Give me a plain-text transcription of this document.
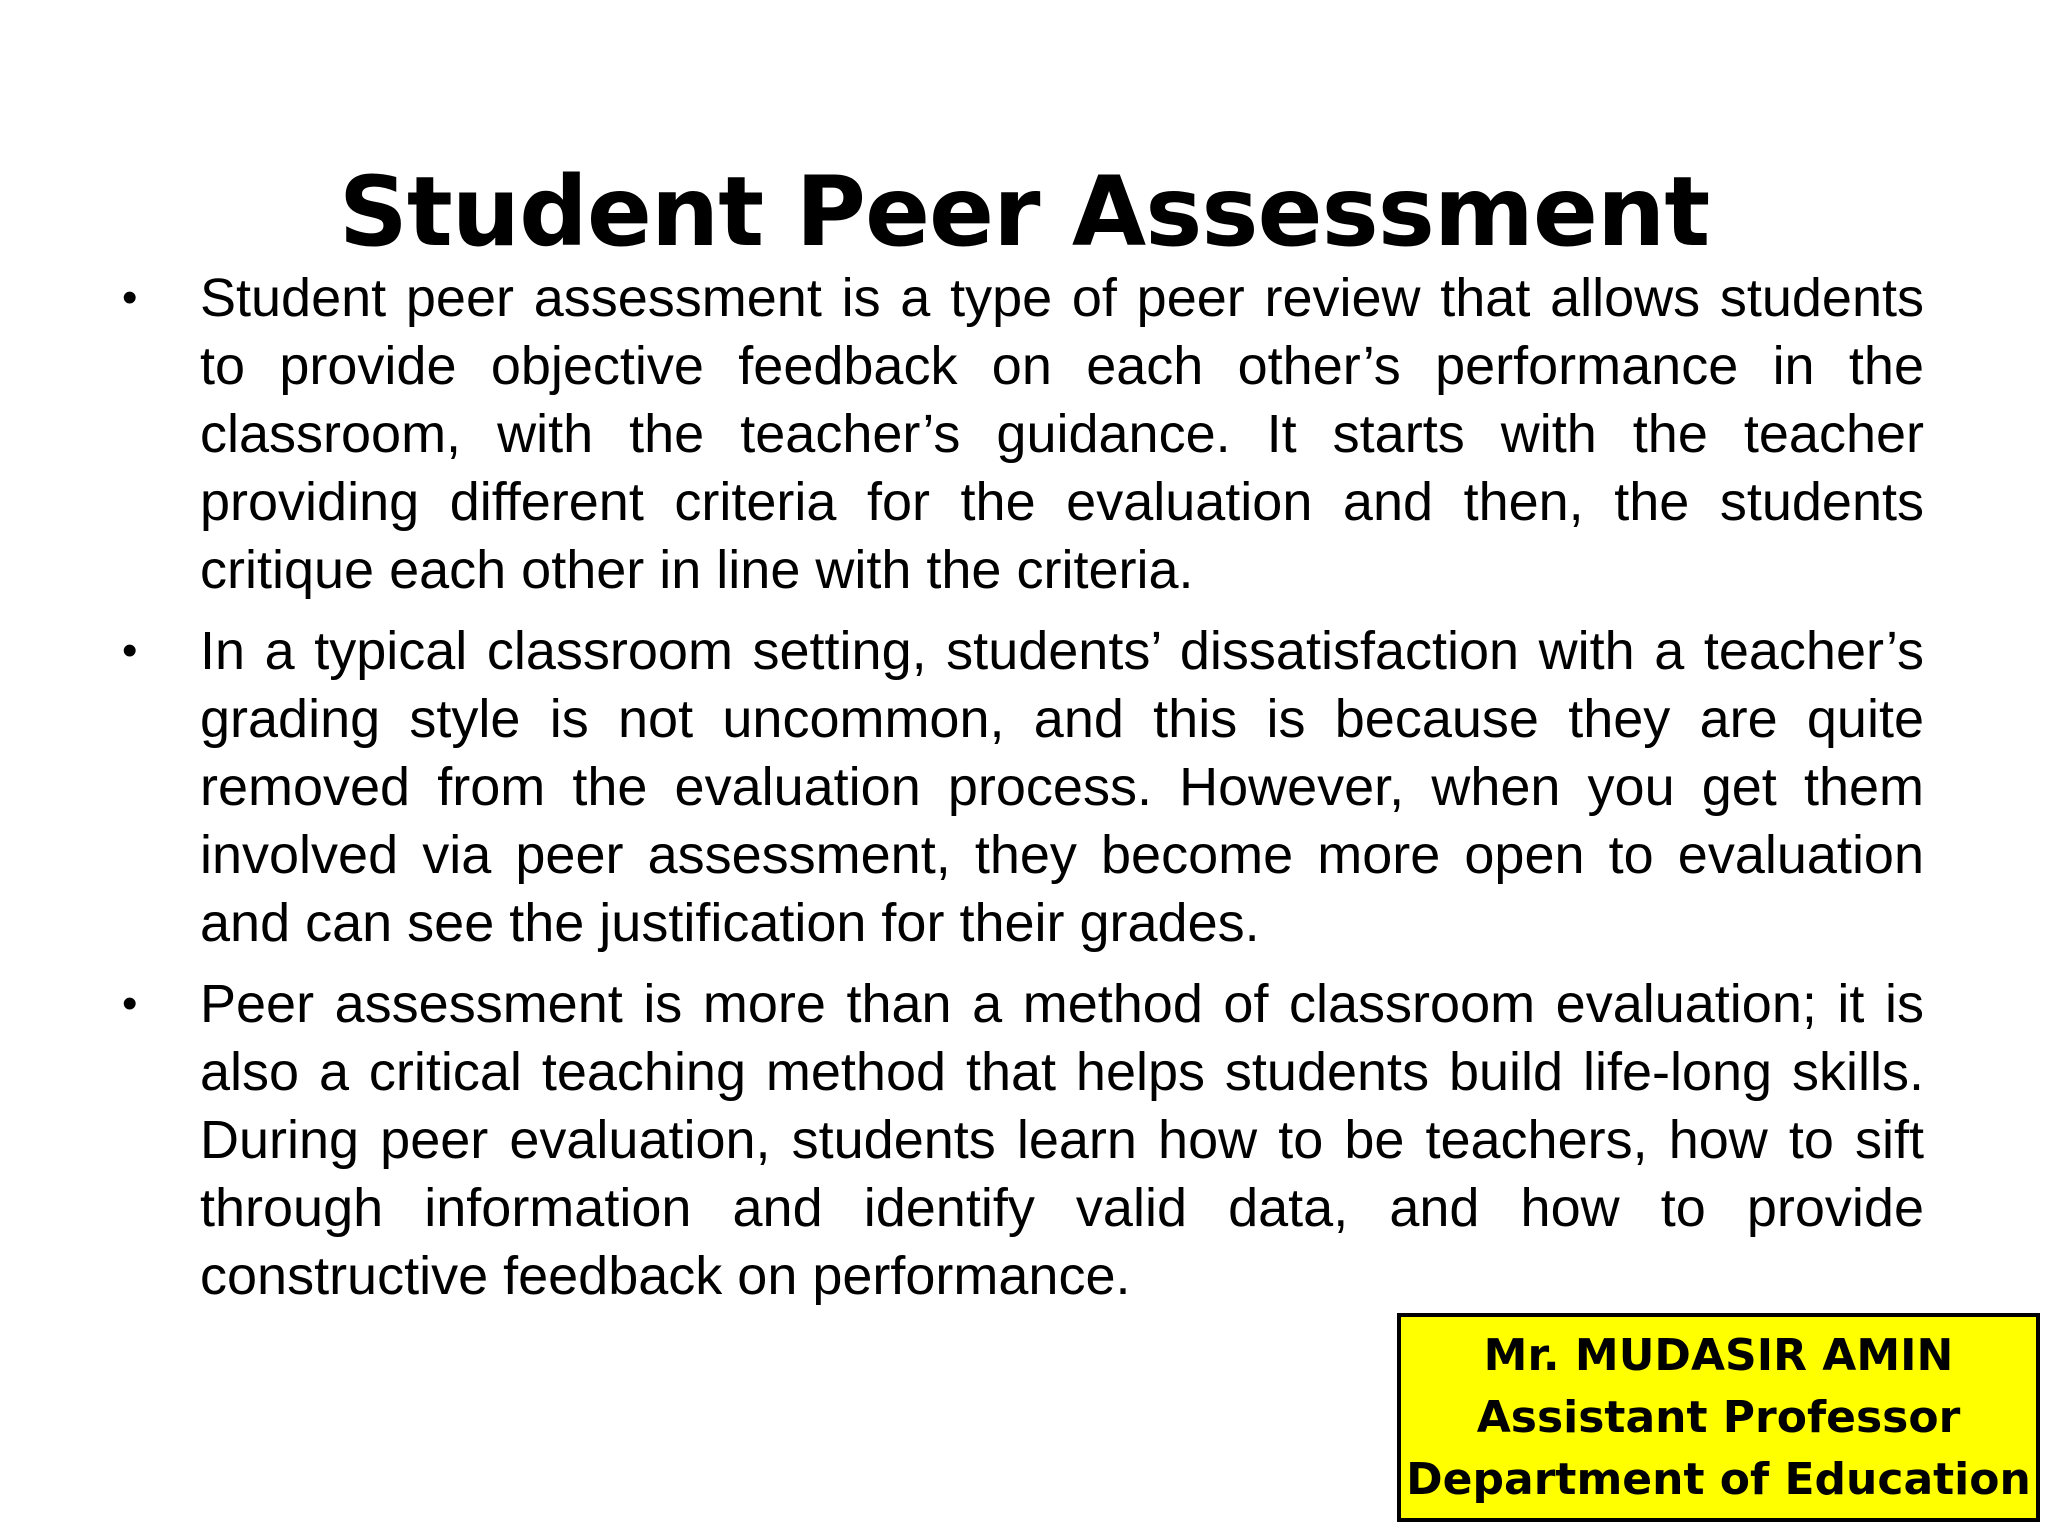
Student Peer Assessment
•	Student peer assessment is a type of peer review that allows students to provide objective feedback on each other’s performance in the classroom, with the teacher’s guidance. It starts with the teacher providing different criteria for the evaluation and then, the students critique each other in line with the criteria.
•	In a typical classroom setting, students’ dissatisfaction with a teacher’s grading style is not uncommon, and this is because they are quite removed from the evaluation process. However, when you get them involved via peer assessment, they become more open to evaluation and can see the justification for their grades.
•	Peer assessment is more than a method of classroom evaluation; it is also a critical teaching method that helps students build life-long skills. During peer evaluation, students learn how to be teachers, how to sift through information and identify valid data, and how to provide constructive feedback on performance.
Mr. MUDASIR AMIN
Assistant Professor
Department of Education
